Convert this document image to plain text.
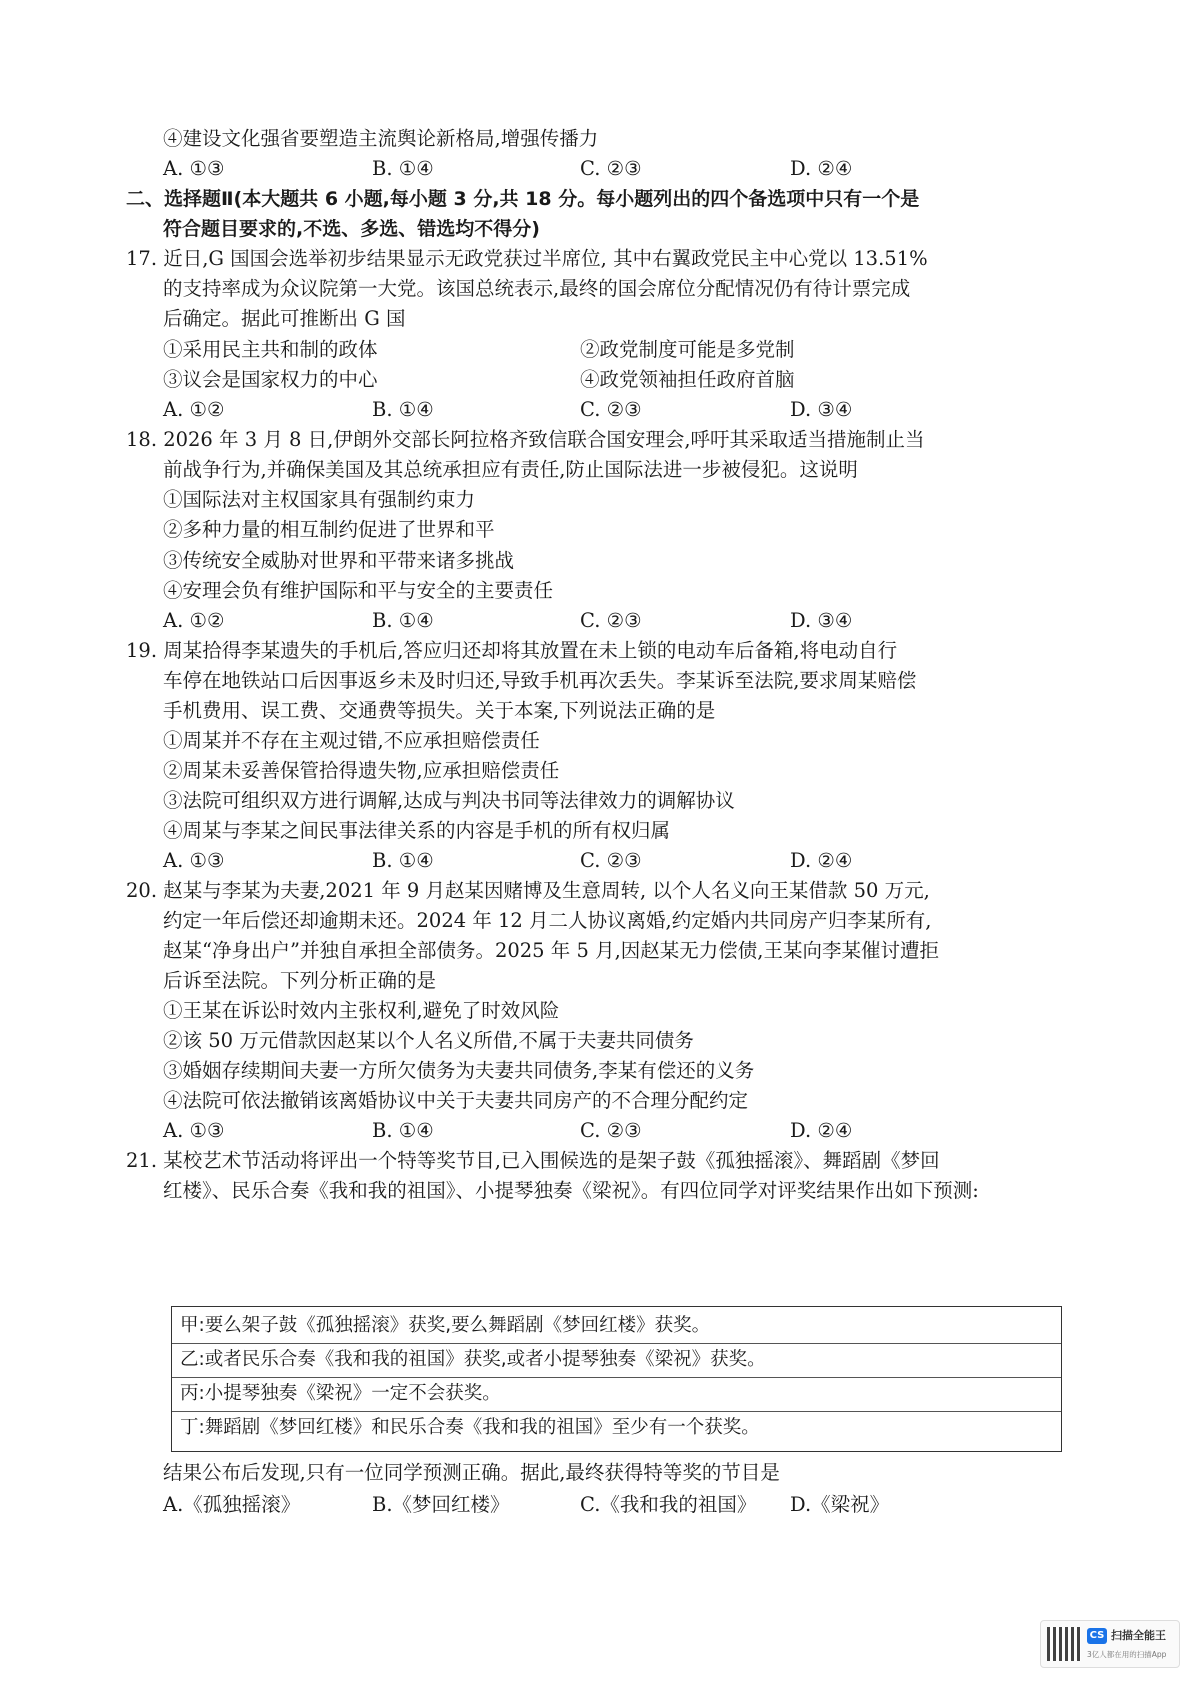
④建设文化强省要塑造主流舆论新格局,增强传播力
A. ①③	B. ①④	C. ②③	D. ②④
二、选择题Ⅱ(本大题共 6 小题,每小题 3 分,共 18 分。每小题列出的四个备选项中只有一个是
符合题目要求的,不选、多选、错选均不得分)
17. 近日,G 国国会选举初步结果显示无政党获过半席位, 其中右翼政党民主中心党以 13.51%
的支持率成为众议院第一大党。该国总统表示,最终的国会席位分配情况仍有待计票完成
后确定。据此可推断出 G 国
①采用民主共和制的政体	②政党制度可能是多党制
③议会是国家权力的中心	④政党领袖担任政府首脑
A. ①②	B. ①④	C. ②③	D. ③④
18. 2026 年 3 月 8 日,伊朗外交部长阿拉格齐致信联合国安理会,呼吁其采取适当措施制止当
前战争行为,并确保美国及其总统承担应有责任,防止国际法进一步被侵犯。这说明
①国际法对主权国家具有强制约束力
②多种力量的相互制约促进了世界和平
③传统安全威胁对世界和平带来诸多挑战
④安理会负有维护国际和平与安全的主要责任
A. ①②	B. ①④	C. ②③	D. ③④
19. 周某拾得李某遗失的手机后,答应归还却将其放置在未上锁的电动车后备箱,将电动自行
车停在地铁站口后因事返乡未及时归还,导致手机再次丢失。李某诉至法院,要求周某赔偿
手机费用、误工费、交通费等损失。关于本案,下列说法正确的是
①周某并不存在主观过错,不应承担赔偿责任
②周某未妥善保管拾得遗失物,应承担赔偿责任
③法院可组织双方进行调解,达成与判决书同等法律效力的调解协议
④周某与李某之间民事法律关系的内容是手机的所有权归属
A. ①③	B. ①④	C. ②③	D. ②④
20. 赵某与李某为夫妻,2021 年 9 月赵某因赌博及生意周转, 以个人名义向王某借款 50 万元,
约定一年后偿还却逾期未还。2024 年 12 月二人协议离婚,约定婚内共同房产归李某所有,
赵某“净身出户”并独自承担全部债务。2025 年 5 月,因赵某无力偿债,王某向李某催讨遭拒
后诉至法院。下列分析正确的是
①王某在诉讼时效内主张权利,避免了时效风险
②该 50 万元借款因赵某以个人名义所借,不属于夫妻共同债务
③婚姻存续期间夫妻一方所欠债务为夫妻共同债务,李某有偿还的义务
④法院可依法撤销该离婚协议中关于夫妻共同房产的不合理分配约定
A. ①③	B. ①④	C. ②③	D. ②④
21. 某校艺术节活动将评出一个特等奖节目,已入围候选的是架子鼓《孤独摇滚》、舞蹈剧《梦回
红楼》、民乐合奏《我和我的祖国》、小提琴独奏《梁祝》。有四位同学对评奖结果作出如下预测:
甲:要么架子鼓《孤独摇滚》获奖,要么舞蹈剧《梦回红楼》获奖。
乙:或者民乐合奏《我和我的祖国》获奖,或者小提琴独奏《梁祝》获奖。
丙:小提琴独奏《梁祝》一定不会获奖。
丁:舞蹈剧《梦回红楼》和民乐合奏《我和我的祖国》至少有一个获奖。
结果公布后发现,只有一位同学预测正确。据此,最终获得特等奖的节目是
A.《孤独摇滚》	B.《梦回红楼》	C.《我和我的祖国》 D.《梁祝》
CS 扫描全能王
3亿人都在用的扫描App
